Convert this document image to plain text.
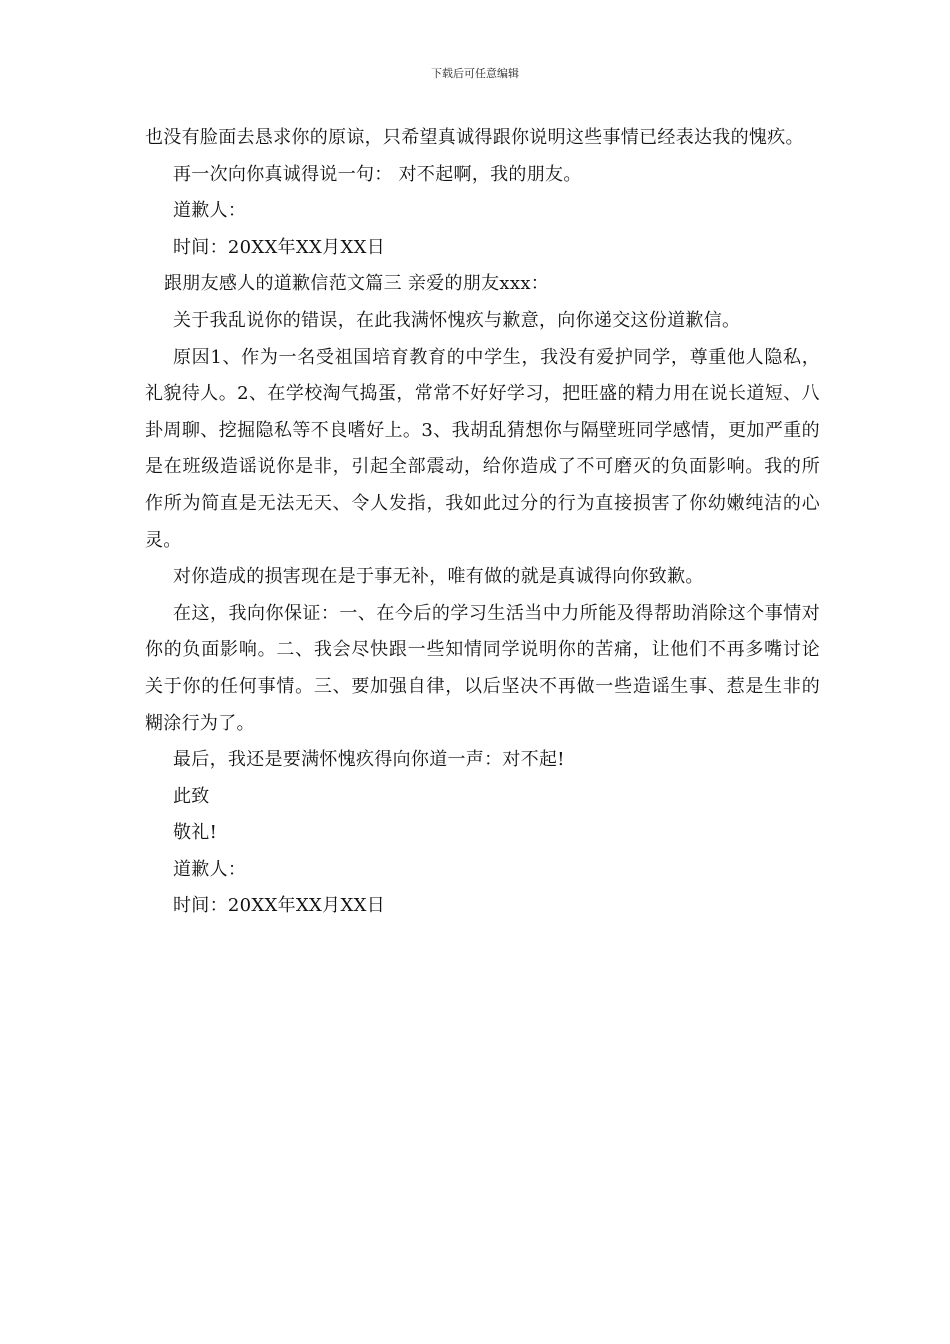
下载后可任意编辑

也没有脸面去恳求你的原谅，只希望真诚得跟你说明这些事情已经表达我的愧疚。

再一次向你真诚得说一句： 对不起啊，我的朋友。

道歉人：

时间：20XX年XX月XX日

跟朋友感人的道歉信范文篇三 亲爱的朋友xxx：

关于我乱说你的错误，在此我满怀愧疚与歉意，向你递交这份道歉信。

原因1、作为一名受祖国培育教育的中学生，我没有爱护同学，尊重他人隐私，礼貌待人。2、在学校淘气捣蛋，常常不好好学习，把旺盛的精力用在说长道短、八卦周聊、挖掘隐私等不良嗜好上。3、我胡乱猜想你与隔壁班同学感情，更加严重的是在班级造谣说你是非，引起全部震动，给你造成了不可磨灭的负面影响。我的所作所为简直是无法无天、令人发指，我如此过分的行为直接损害了你幼嫩纯洁的心灵。

对你造成的损害现在是于事无补，唯有做的就是真诚得向你致歉。

在这，我向你保证：一、在今后的学习生活当中力所能及得帮助消除这个事情对你的负面影响。二、我会尽快跟一些知情同学说明你的苦痛，让他们不再多嘴讨论关于你的任何事情。三、要加强自律，以后坚决不再做一些造谣生事、惹是生非的糊涂行为了。

最后，我还是要满怀愧疚得向你道一声：对不起!

此致

敬礼!

道歉人：

时间：20XX年XX月XX日
